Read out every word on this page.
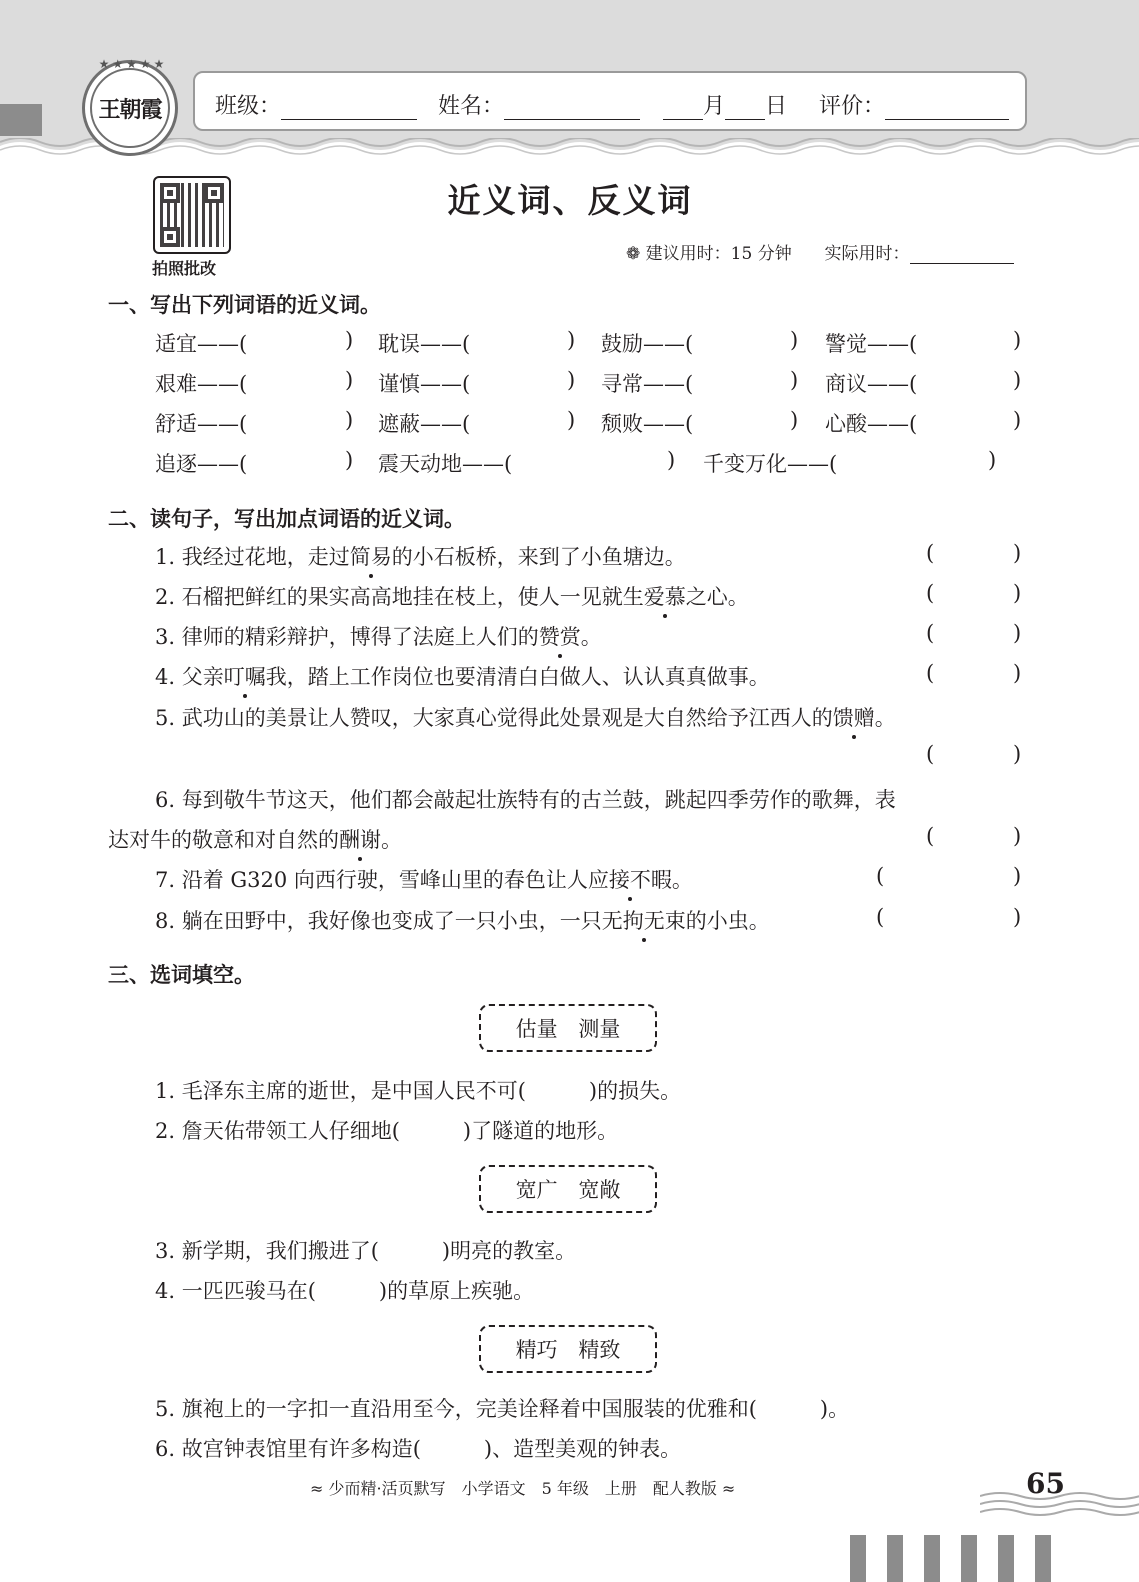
★★★★★
王朝霞 班级：	姓名：	月 日 评价：
拍照批改
近义词、反义词
❁ 建议用时：15 分钟 实际用时：
一、写出下列词语的近义词。
适宜——(	) 耽误——(	) 鼓励——(	) 警觉——(	)
艰难——(	) 谨慎——(	) 寻常——(	) 商议——(	)
舒适——(	) 遮蔽——(	) 颓败——(	) 心酸——(	)
追逐——(	) 震天动地——(	) 千变万化——(	)
二、读句子，写出加点词语的近义词。
1. 我经过花地，走过简易的小石板桥，来到了小鱼塘边。	(	)
2. 石榴把鲜红的果实高高地挂在枝上，使人一见就生爱慕之心。	(	)
3. 律师的精彩辩护，博得了法庭上人们的赞赏。	(	)
4. 父亲叮嘱我，踏上工作岗位也要清清白白做人、认认真真做事。	(	)
5. 武功山的美景让人赞叹，大家真心觉得此处景观是大自然给予江西人的馈赠。
(	)
6. 每到敬牛节这天，他们都会敲起壮族特有的古兰鼓，跳起四季劳作的歌舞，表
达对牛的敬意和对自然的酬谢。	(	)
7. 沿着 G320 向西行驶，雪峰山里的春色让人应接不暇。	(	)
8. 躺在田野中，我好像也变成了一只小虫，一只无拘无束的小虫。	(	)
三、选词填空。
估量 测量
1. 毛泽东主席的逝世，是中国人民不可(　　　)的损失。
2. 詹天佑带领工人仔细地(　　　)了隧道的地形。
宽广 宽敞
3. 新学期，我们搬进了(　　　)明亮的教室。
4. 一匹匹骏马在(　　　)的草原上疾驰。
精巧 精致
5. 旗袍上的一字扣一直沿用至今，完美诠释着中国服装的优雅和(　　　)。
6. 故宫钟表馆里有许多构造(　　　)、造型美观的钟表。
≈ 少而精·活页默写　小学语文　5 年级　上册　配人教版 ≈	65
